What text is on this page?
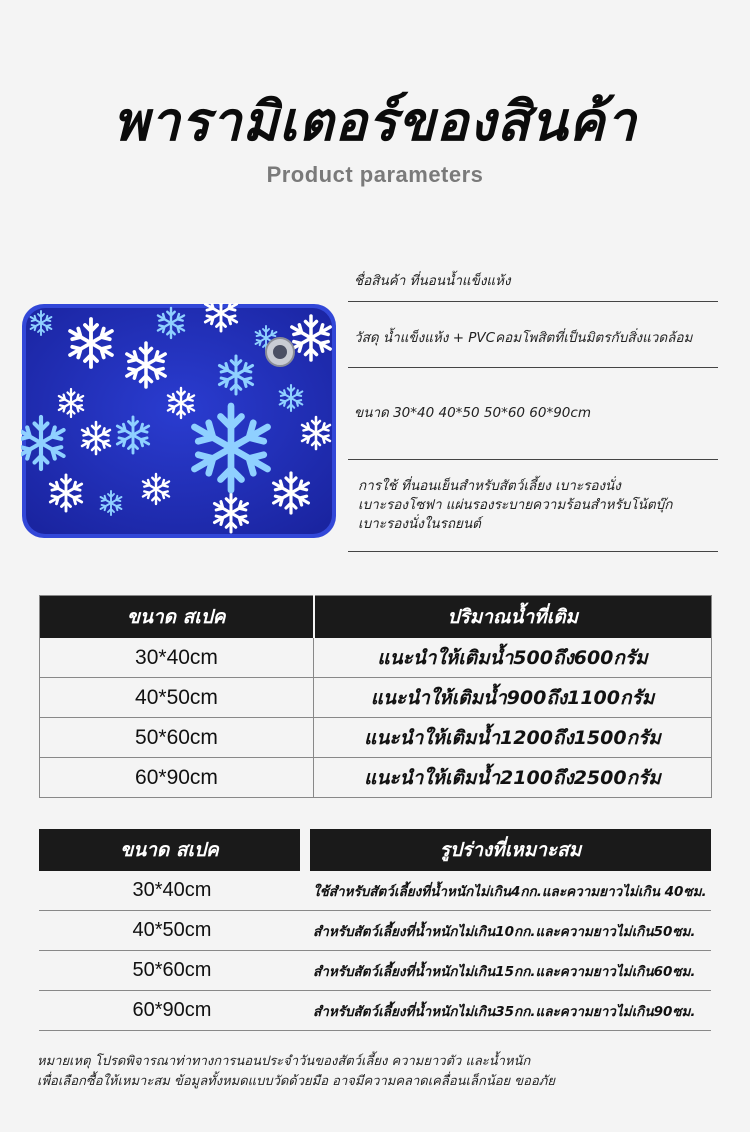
พารามิเตอร์ของสินค้า
Product parameters
ชื่อสินค้า ที่นอนน้ำแข็งแห้ง
วัสดุ น้ำแข็งแห้ง + PVCคอมโพสิตที่เป็นมิตรกับสิ่งแวดล้อม
ขนาด 30*40 40*50 50*60 60*90cm
การใช้ ที่นอนเย็นสำหรับสัตว์เลี้ยง เบาะรองนั่ง
เบาะรองโซฟา แผ่นรองระบายความร้อนสำหรับโน้ตบุ๊ก
เบาะรองนั่งในรถยนต์
ขนาด สเปค	ปริมาณน้ำที่เติม
30*40cm	แนะนำให้เติมน้ำ500ถึง600กรัม
40*50cm	แนะนำให้เติมน้ำ900ถึง1100กรัม
50*60cm	แนะนำให้เติมน้ำ1200ถึง1500กรัม
60*90cm	แนะนำให้เติมน้ำ2100ถึง2500กรัม
ขนาด สเปค	รูปร่างที่เหมาะสม
30*40cm	ใช้สำหรับสัตว์เลี้ยงที่น้ำหนักไม่เกิน4กก.และความยาวไม่เกิน 40ซม.
40*50cm	สำหรับสัตว์เลี้ยงที่น้ำหนักไม่เกิน10กก.และความยาวไม่เกิน50ซม.
50*60cm	สำหรับสัตว์เลี้ยงที่น้ำหนักไม่เกิน15กก.และความยาวไม่เกิน60ซม.
60*90cm	สำหรับสัตว์เลี้ยงที่น้ำหนักไม่เกิน35กก.และความยาวไม่เกิน90ซม.
หมายเหตุ โปรดพิจารณาท่าทางการนอนประจำวันของสัตว์เลี้ยง ความยาวตัว และน้ำหนัก
เพื่อเลือกซื้อให้เหมาะสม ข้อมูลทั้งหมดแบบวัดด้วยมือ อาจมีความคลาดเคลื่อนเล็กน้อย ขออภัย
